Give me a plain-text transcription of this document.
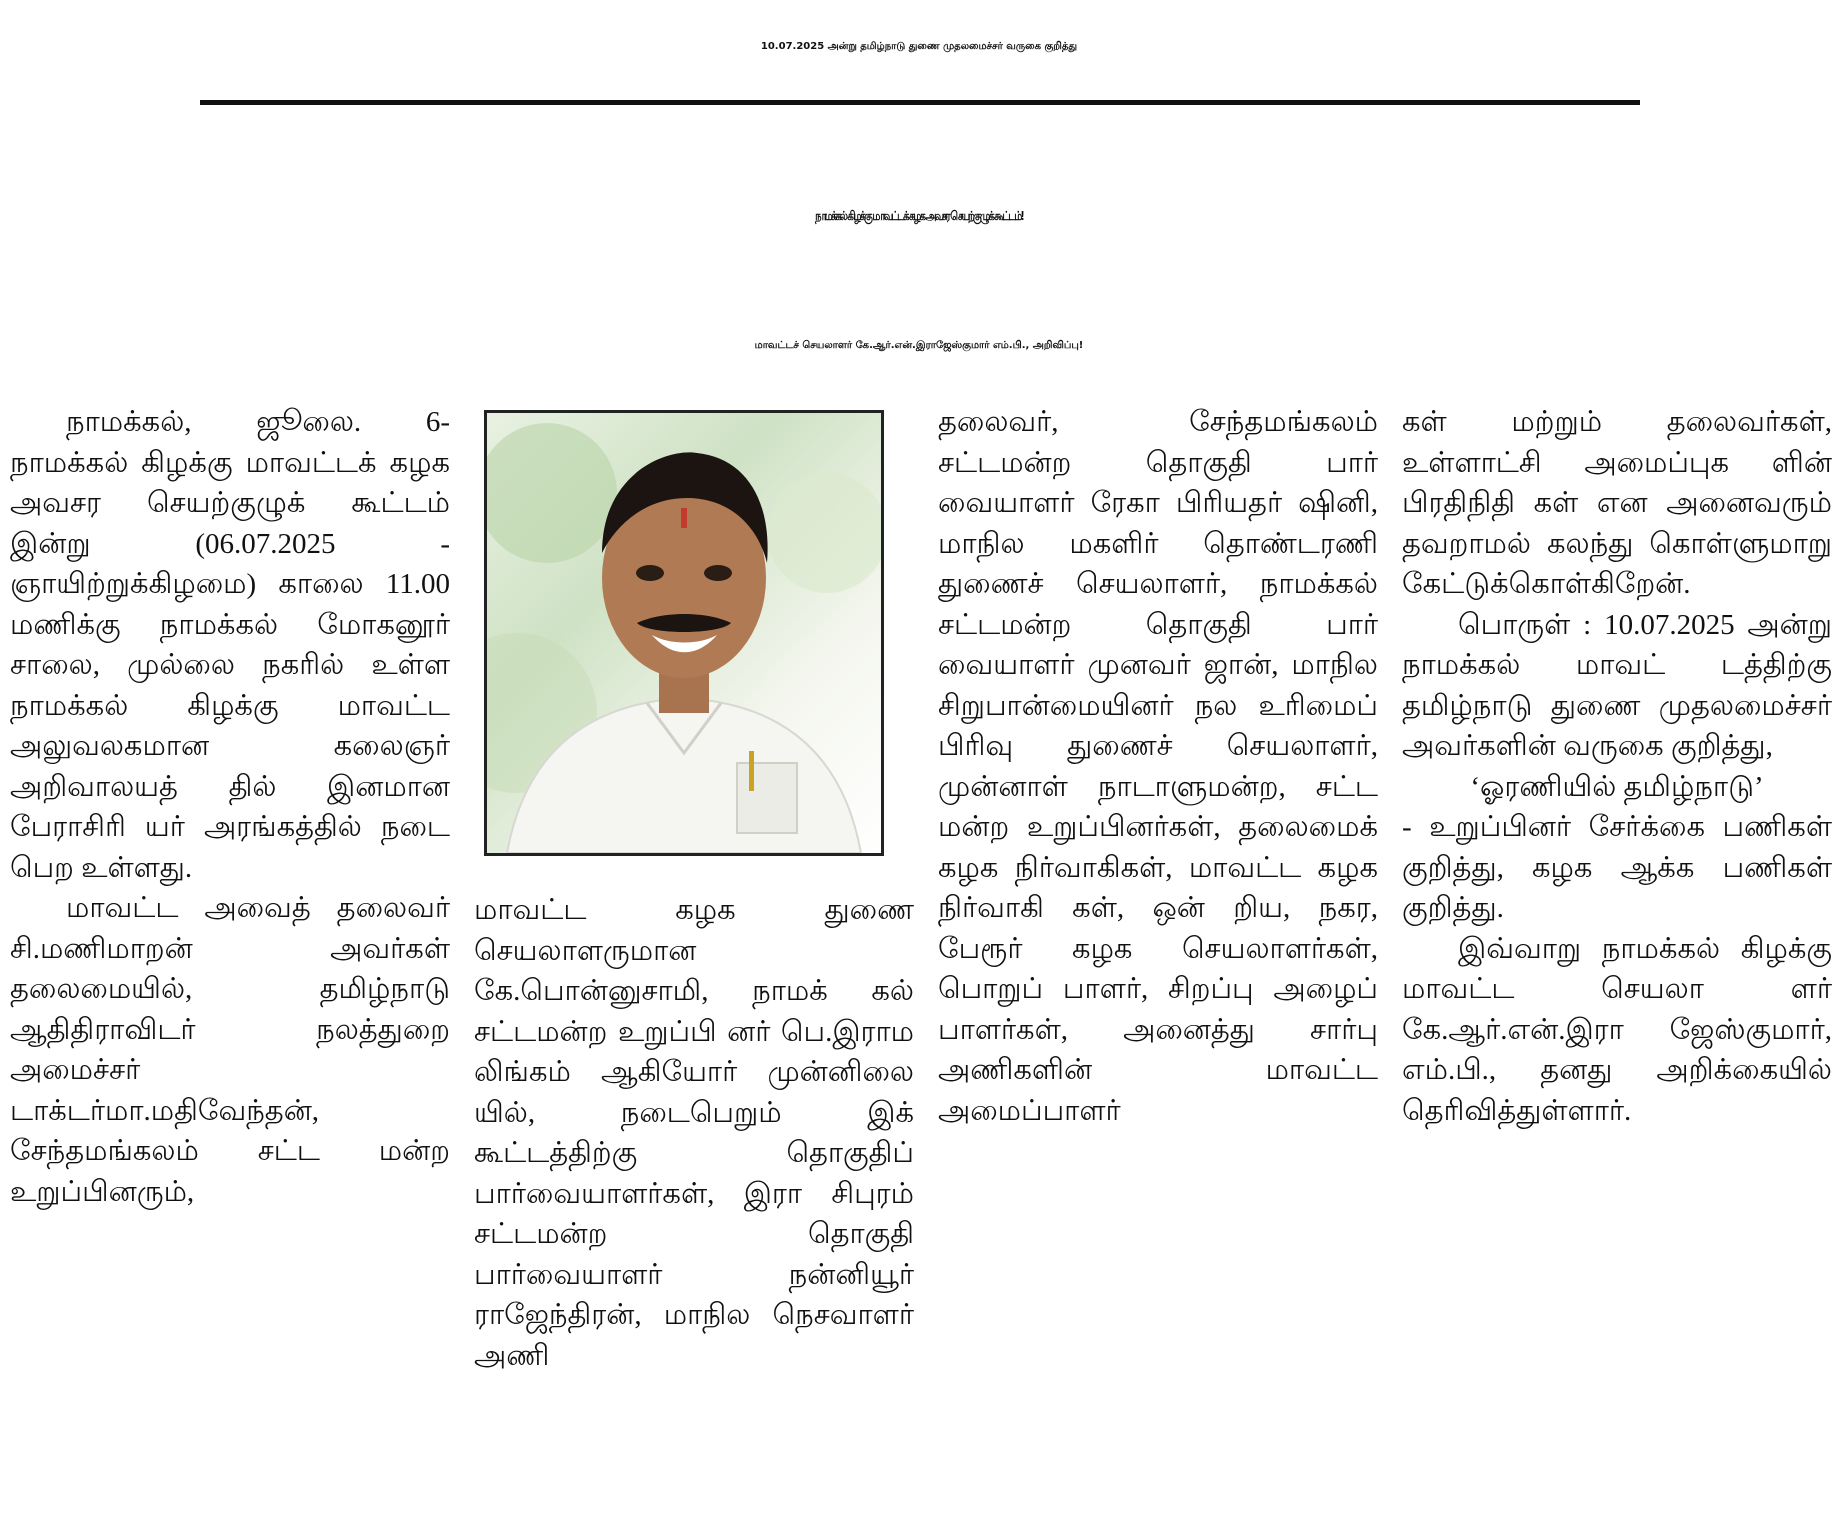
10.07.2025 அன்று தமிழ்நாடு துணை முதலமைச்சர் வருகை குறித்து
நாமக்கல் கிழக்கு மாவட்டக் கழக அவசர செயற்குழுக் கூட்டம்!
மாவட்டச் செயலாளர் கே.ஆர்.என்.இராஜேஸ்குமார் எம்.பி., அறிவிப்பு!

நாமக்கல், ஜூலை. 6- நாமக்கல் கிழக்கு மாவட்டக் கழக அவசர செயற்குழுக் கூட்டம் இன்று (06.07.2025 - ஞாயிற்றுக்கிழமை) காலை 11.00 மணிக்கு நாமக்கல் மோகனூர் சாலை, முல்லை நகரில் உள்ள நாமக்கல் கிழக்கு மாவட்ட அலுவலகமான கலைஞர் அறிவாலயத் தில் இனமான பேராசிரி யர் அரங்கத்தில் நடை பெற உள்ளது.

மாவட்ட அவைத் தலைவர் சி.மணிமாறன் அவர்கள் தலைமையில், தமிழ்நாடு ஆதிதிராவிடர் நலத்துறை அமைச்சர் டாக்டர்மா.மதிவேந்தன், சேந்தமங்கலம் சட்ட மன்ற உறுப்பினரும்,

மாவட்ட கழக துணை செயலாளருமான கே.பொன்னுசாமி, நாமக் கல் சட்டமன்ற உறுப்பி னர் பெ.இராம லிங்கம் ஆகியோர் முன்னிலை யில், நடைபெறும் இக் கூட்டத்திற்கு தொகுதிப் பார்வையாளர்கள், இரா சிபுரம் சட்டமன்ற தொகுதி பார்வையாளர் நன்னியூர் ராஜேந்திரன், மாநில நெசவாளர் அணி

தலைவர், சேந்தமங்கலம் சட்டமன்ற தொகுதி பார் வையாளர் ரேகா பிரியதர் ஷினி, மாநில மகளிர் தொண்டரணி துணைச் செயலாளர், நாமக்கல் சட்டமன்ற தொகுதி பார் வையாளர் முனவர் ஜான், மாநில சிறுபான்மையினர் நல உரிமைப் பிரிவு துணைச் செயலாளர், முன்னாள் நாடாளுமன்ற, சட்ட மன்ற உறுப்பினர்கள், தலைமைக் கழக நிர்வாகிகள், மாவட்ட கழக நிர்வாகி கள், ஒன் றிய, நகர, பேரூர் கழக செயலாளர்கள், பொறுப் பாளர், சிறப்பு அழைப் பாளர்கள், அனைத்து சார்பு அணிகளின் மாவட்ட அமைப்பாளர்

கள் மற்றும் தலைவர்கள், உள்ளாட்சி அமைப்புக ளின் பிரதிநிதி கள் என அனைவரும் தவறாமல் கலந்து கொள்ளுமாறு கேட்டுக்கொள்கிறேன்.

பொருள் : 10.07.2025 அன்று நாமக்கல் மாவட் டத்திற்கு தமிழ்நாடு துணை முதலமைச்சர் அவர்களின் வருகை குறித்து,

‘ஓரணியில் தமிழ்நாடு’

- உறுப்பினர் சேர்க்கை பணிகள் குறித்து, கழக ஆக்க பணிகள் குறித்து.

இவ்வாறு நாமக்கல் கிழக்கு மாவட்ட செயலா ளர் கே.ஆர்.என்.இரா ஜேஸ்குமார், எம்.பி., தனது அறிக்கையில் தெரிவித்துள்ளார்.
